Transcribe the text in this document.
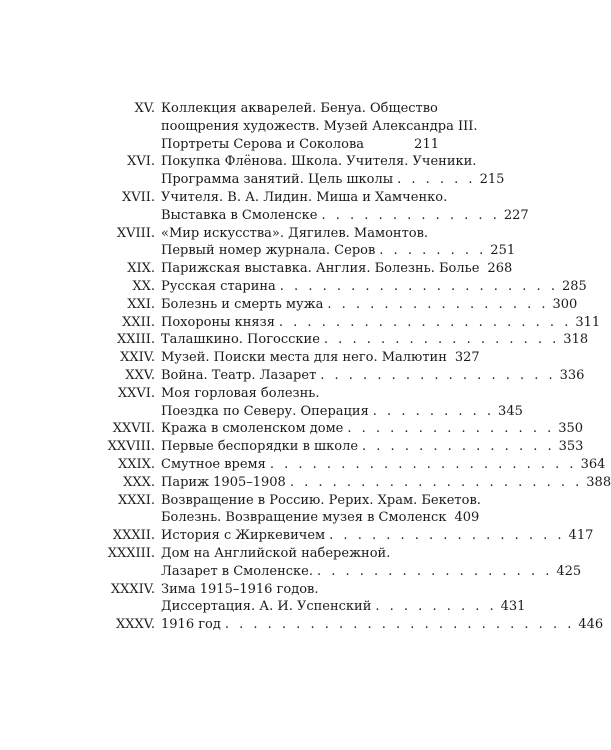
XV. Коллекция акварелей. Бенуа. Общество
поощрения художеств. Музей Александра III.
Портреты Серова и Соколова	211
XVI. Покупка Флёнова. Школа. Учителя. Ученики.
Программа занятий. Цель школы . . . . . . 215
XVII. Учителя. В. А. Лидин. Миша и Хамченко.
Выставка в Смоленске . . . . . . . . . . . . . 227
XVIII. «Мир искусства». Дягилев. Мамонтов.
Первый номер журнала. Серов . . . . . . . . 251
XIX. Парижская выставка. Англия. Болезнь. Больe 268
XX. Русская старина . . . . . . . . . . . . . . . . . . . . 285
XXI. Болезнь и смерть мужа . . . . . . . . . . . . . . . . 300
XXII. Похороны князя . . . . . . . . . . . . . . . . . . . . . 311
XXIII. Талашкино. Погосские . . . . . . . . . . . . . . . . . 318
XXIV. Музей. Поиски места для него. Малютин 327
XXV. Война. Театр. Лазарет . . . . . . . . . . . . . . . . . 336
XXVI. Моя горловая болезнь.
Поездка по Северу. Операция . . . . . . . . . 345
XXVII. Кража в смоленском доме . . . . . . . . . . . . . . . 350
XXVIII. Первые беспорядки в школе . . . . . . . . . . . . . . 353
XXIX. Смутное время . . . . . . . . . . . . . . . . . . . . . . 364
XXX. Париж 1905–1908 . . . . . . . . . . . . . . . . . . . . . 388
XXXI. Возвращение в Россию. Рерих. Храм. Бекетов.
Болезнь. Возвращение музея в Смоленск 409
XXXII. История с Жиркевичем . . . . . . . . . . . . . . . . . 417
XXXIII. Дом на Английской набережной.
Лазарет в Смоленске. . . . . . . . . . . . . . . . . . 425
XXXIV. Зима 1915–1916 годов.
Диссертация. А. И. Успенский . . . . . . . . . 431
XXXV. 1916 год . . . . . . . . . . . . . . . . . . . . . . . . . 446
